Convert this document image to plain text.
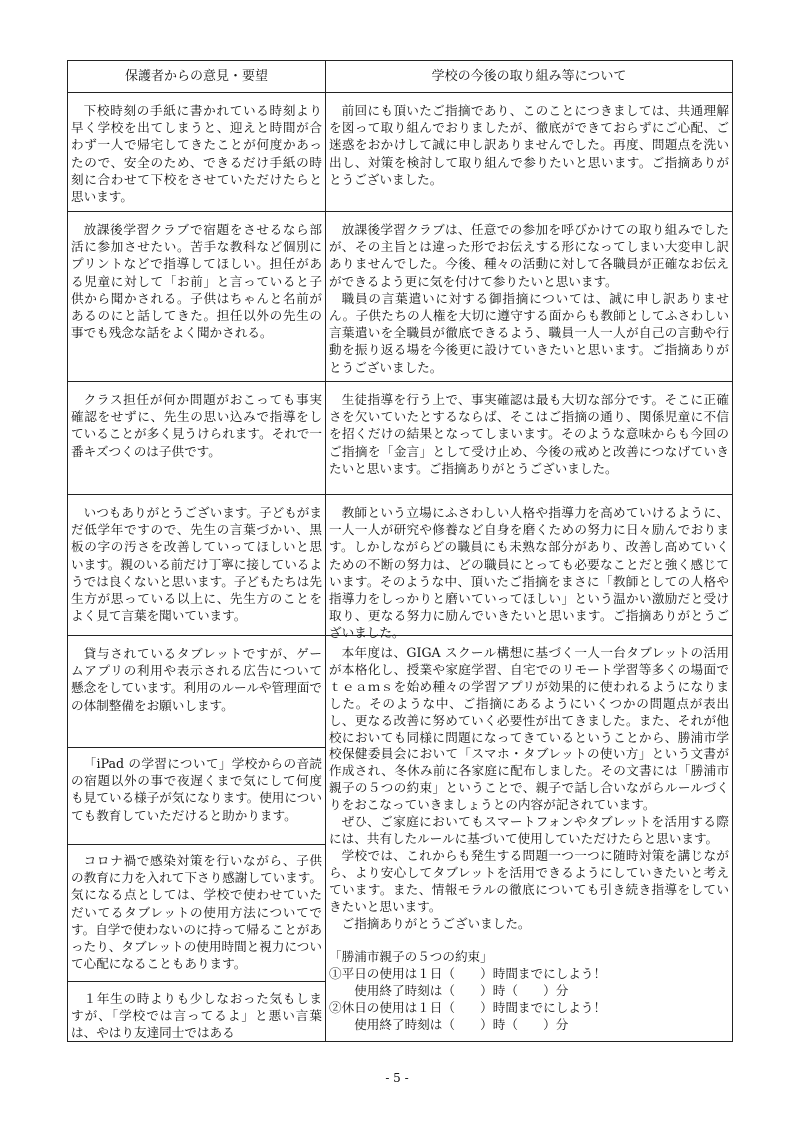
保護者からの意見・要望	学校の今後の取り組み等について

下校時刻の手紙に書かれている時刻より早く学校を出てしまうと、迎えと時間が合わず一人で帰宅してきたことが何度かあったので、安全のため、できるだけ手紙の時刻に合わせて下校をさせていただけたらと思います。

放課後学習クラブで宿題をさせるなら部活に参加させたい。苦手な教科など個別にプリントなどで指導してほしい。担任がある児童に対して「お前」と言っていると子供から聞かされる。子供はちゃんと名前があるのにと話してきた。担任以外の先生の事でも残念な話をよく聞かされる。

クラス担任が何か問題がおこっても事実確認をせずに、先生の思い込みで指導をしていることが多く見うけられます。それで一番キズつくのは子供です。

いつもありがとうございます。子どもがまだ低学年ですので、先生の言葉づかい、黒板の字の汚さを改善していってほしいと思います。親のいる前だけ丁寧に接しているようでは良くないと思います。子どもたちは先生方が思っている以上に、先生方のことをよく見て言葉を聞いています。

貸与されているタブレットですが、ゲームアプリの利用や表示される広告について懸念をしています。利用のルールや管理面での体制整備をお願いします。

「iPad の学習について」学校からの音読の宿題以外の事で夜遅くまで気にして何度も見ている様子が気になります。使用についても教育していただけると助かります。

コロナ禍で感染対策を行いながら、子供の教育に力を入れて下さり感謝しています。気になる点としては、学校で使わせていただいてるタブレットの使用方法についてです。自学で使わないのに持って帰ることがあったり、タブレットの使用時間と視力について心配になることもあります。

１年生の時よりも少しなおった気もしますが、「学校では言ってるよ」と悪い言葉は、やはり友達同士ではある

前回にも頂いたご指摘であり、このことにつきましては、共通理解を図って取り組んでおりましたが、徹底ができておらずにご心配、ご迷惑をおかけして誠に申し訳ありませんでした。再度、問題点を洗い出し、対策を検討して取り組んで参りたいと思います。ご指摘ありがとうございました。

放課後学習クラブは、任意での参加を呼びかけての取り組みでしたが、その主旨とは違った形でお伝えする形になってしまい大変申し訳ありませんでした。今後、種々の活動に対して各職員が正確なお伝えができるよう更に気を付けて参りたいと思います。

職員の言葉遣いに対する御指摘については、誠に申し訳ありません。子供たちの人権を大切に遵守する面からも教師としてふさわしい言葉遣いを全職員が徹底できるよう、職員一人一人が自己の言動や行動を振り返る場を今後更に設けていきたいと思います。ご指摘ありがとうございました。

生徒指導を行う上で、事実確認は最も大切な部分です。そこに正確さを欠いていたとするならば、そこはご指摘の通り、関係児童に不信を招くだけの結果となってしまいます。そのような意味からも今回のご指摘を「金言」として受け止め、今後の戒めと改善につなげていきたいと思います。ご指摘ありがとうございました。

教師という立場にふさわしい人格や指導力を高めていけるように、一人一人が研究や修養など自身を磨くための努力に日々励んでおります。しかしながらどの職員にも未熟な部分があり、改善し高めていくための不断の努力は、どの職員にとっても必要なことだと強く感じています。そのような中、頂いたご指摘をまさに「教師としての人格や指導力をしっかりと磨いていってほしい」という温かい激励だと受け取り、更なる努力に励んでいきたいと思います。ご指摘ありがとうございました。

本年度は、GIGA スクール構想に基づく一人一台タブレットの活用が本格化し、授業や家庭学習、自宅でのリモート学習等多くの場面でｔｅａｍｓを始め種々の学習アプリが効果的に使われるようになりました。そのような中、ご指摘にあるようにいくつかの問題点が表出し、更なる改善に努めていく必要性が出てきました。また、それが他校においても同様に問題になってきているということから、勝浦市学校保健委員会において「スマホ・タブレットの使い方」という文書が作成され、冬休み前に各家庭に配布しました。その文書には「勝浦市　親子の５つの約束」ということで、親子で話し合いながらルールづくりをおこなっていきましょうとの内容が記されています。

ぜひ、ご家庭においてもスマートフォンやタブレットを活用する際には、共有したルールに基づいて使用していただけたらと思います。

学校では、これからも発生する問題一つ一つに随時対策を講じながら、より安心してタブレットを活用できるようにしていきたいと考えています。また、情報モラルの徹底についても引き続き指導をしていきたいと思います。

ご指摘ありがとうございました。

「勝浦市親子の５つの約束」

①平日の使用は１日（　　）時間までにしよう！

使用終了時刻は（　　）時（　　）分

②休日の使用は１日（　　）時間までにしよう！

使用終了時刻は（　　）時（　　）分

- 5 -
